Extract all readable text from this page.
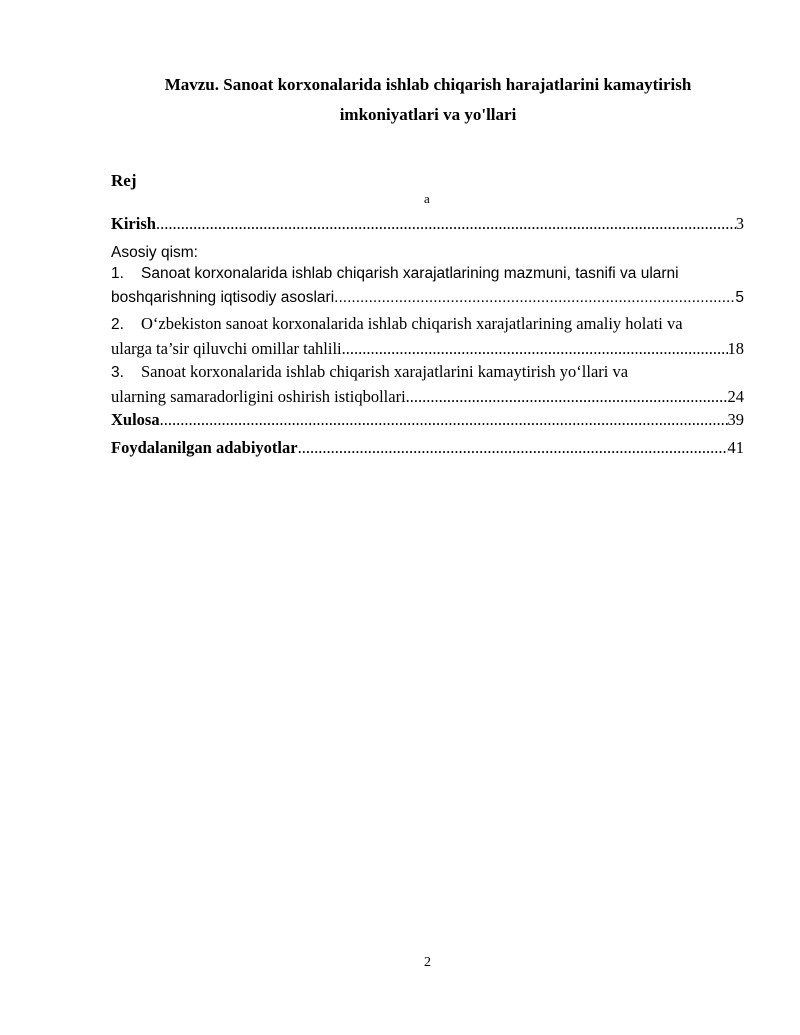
Mavzu. Sanoat korxonalarida ishlab chiqarish harajatlarini kamaytirish
imkoniyatlari va yo'llari
Rej
a
Kirish .....	3
Asosiy qism:
1. Sanoat korxonalarida ishlab chiqarish xarajatlarining mazmuni, tasnifi va ularni
boshqarishning iqtisodiy asoslari .....	5
2. O‘zbekiston sanoat korxonalarida ishlab chiqarish xarajatlarining amaliy holati va
ularga ta’sir qiluvchi omillar tahlili .....	18
3. Sanoat korxonalarida ishlab chiqarish xarajatlarini kamaytirish yo‘llari va
ularning samaradorligini oshirish istiqbollari .....	24
Xulosa .....	39
Foydalanilgan adabiyotlar .....	41
2
